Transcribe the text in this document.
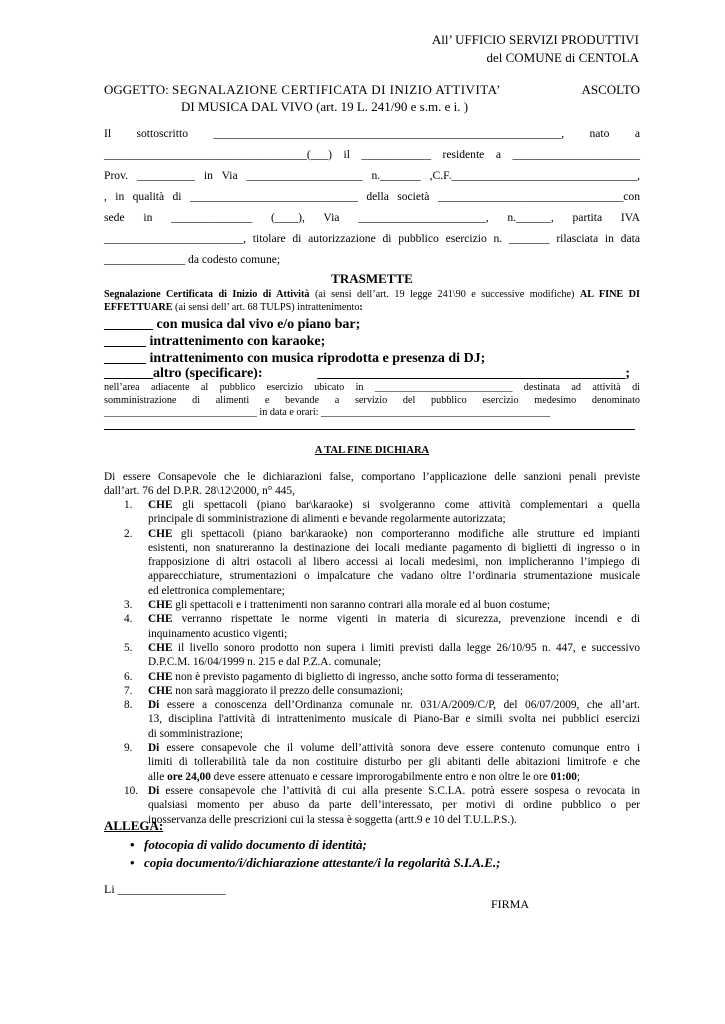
All’ UFFICIO SERVIZI PRODUTTIVI
del COMUNE di CENTOLA
OGGETTO: SEGNALAZIONE CERTIFICATA DI INIZIO ATTIVITA’	ASCOLTO
DI MUSICA DAL VIVO (art. 19 L. 241/90 e s.m. e i. )
Il sottoscritto ____________________________________________________________, nato a
___________________________________(___) il ____________ residente a ______________________
Prov. __________ in Via ____________________ n._______ ,C.F.________________________________,
, in qualità di _____________________________ della società ________________________________con
sede in ______________ (____), Via ______________________, n.______, partita IVA
________________________, titolare di autorizzazione di pubblico esercizio n. _______ rilasciata in data
______________ da codesto comune;
TRASMETTE
Segnalazione Certificata di Inizio di Attività (ai sensi dell’art. 19 legge 241\90 e successive modifiche) AL FINE DI
EFFETTUARE (ai sensi dell’ art. 68 TULPS) intrattenimento:
_______ con musica dal vivo e/o piano bar;
______ intrattenimento con karaoke;
______ intrattenimento con musica riprodotta e presenza di DJ;
_______altro (specificare):	____________________________________________;
nell’area adiacente al pubblico esercizio ubicato in ___________________________ destinata ad attività di
somministrazione di alimenti e bevande a servizio del pubblico esercizio medesimo denominato
______________________________ in data e orari: _____________________________________________
A TAL FINE DICHIARA
Di essere Consapevole che le dichiarazioni false, comportano l’applicazione delle sanzioni penali previste
dall’art. 76 del D.P.R. 28\12\2000, n° 445,
1. CHE gli spettacoli (piano bar\karaoke) si svolgeranno come attività complementari a quella
principale di somministrazione di alimenti e bevande regolarmente autorizzata;
2. CHE gli spettacoli (piano bar\karaoke) non comporteranno modifiche alle strutture ed impianti
esistenti, non snatureranno la destinazione dei locali mediante pagamento di biglietti di ingresso o in
frapposizione di altri ostacoli al libero accessi ai locali medesimi, non implicheranno l’impiego di
apparecchiature, strumentazioni o impalcature che vadano oltre l’ordinaria strumentazione musicale
ed elettronica complementare;
3. CHE gli spettacoli e i trattenimenti non saranno contrari alla morale ed al buon costume;
4. CHE verranno rispettate le norme vigenti in materia di sicurezza, prevenzione incendi e di
inquinamento acustico vigenti;
5. CHE il livello sonoro prodotto non supera i limiti previsti dalla legge 26/10/95 n. 447, e successivo
D.P.C.M. 16/04/1999 n. 215 e dal P.Z.A. comunale;
6. CHE non è previsto pagamento di biglietto di ingresso, anche sotto forma di tesseramento;
7. CHE non sarà maggiorato il prezzo delle consumazioni;
8. Di essere a conoscenza dell’Ordinanza comunale nr. 031/A/2009/C/P, del 06/07/2009, che all’art.
13, disciplina l'attività di intrattenimento musicale di Piano-Bar e simili svolta nei pubblici esercizi
di somministrazione;
9. Di essere consapevole che il volume dell’attività sonora deve essere contenuto comunque entro i
limiti di tollerabilità tale da non costituire disturbo per gli abitanti delle abitazioni limitrofe e che
alle ore 24,00 deve essere attenuato e cessare improrogabilmente entro e non oltre le ore 01:00;
10. Di essere consapevole che l’attività di cui alla presente S.C.I.A. potrà essere sospesa o revocata in
qualsiasi momento per abuso da parte dell’interessato, per motivi di ordine pubblico o per
inosservanza delle prescrizioni cui la stessa è soggetta (artt.9 e 10 del T.U.L.P.S.).
ALLEGA:
• fotocopia di valido documento di identità;
• copia documento/i/dichiarazione attestante/i la regolarità S.I.A.E.;
Li __________________
FIRMA
